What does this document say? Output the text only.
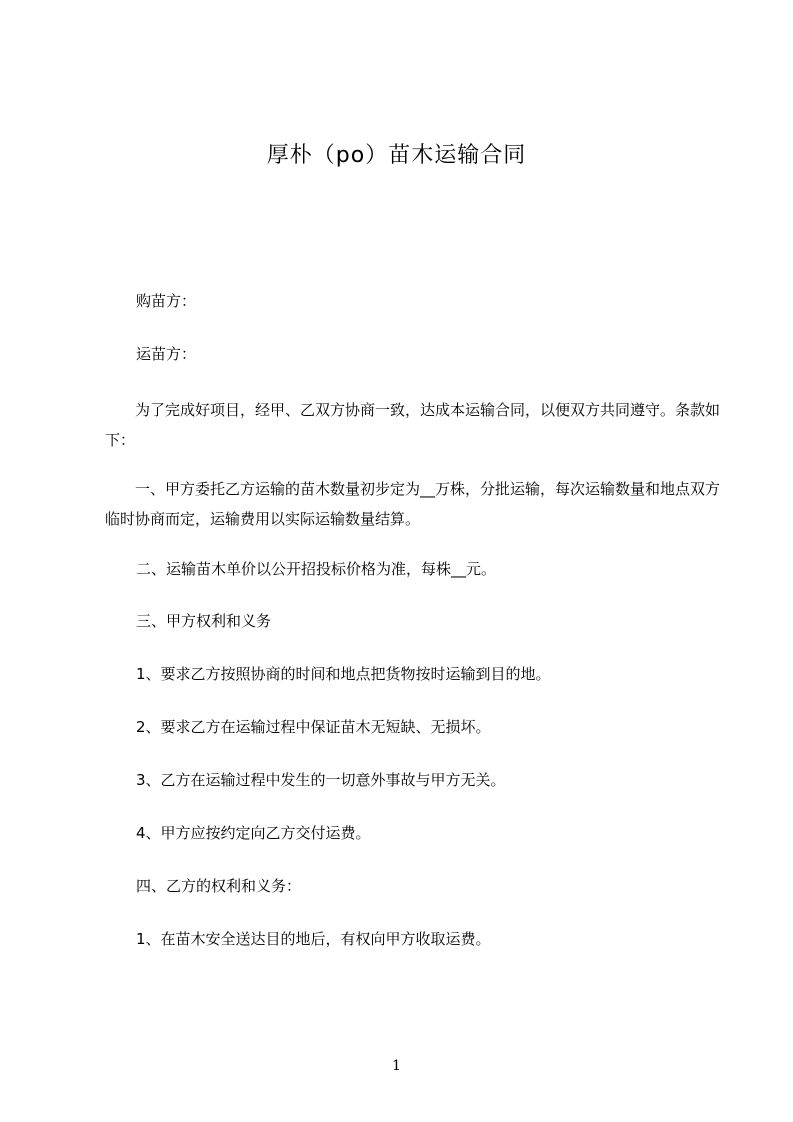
厚朴（po）苗木运输合同
购苗方：
运苗方：
为了完成好项目，经甲、乙双方协商一致，达成本运输合同，以便双方共同遵守。条款如下：
一、甲方委托乙方运输的苗木数量初步定为__万株，分批运输，每次运输数量和地点双方临时协商而定，运输费用以实际运输数量结算。
二、运输苗木单价以公开招投标价格为准，每株__元。
三、甲方权利和义务
1、要求乙方按照协商的时间和地点把货物按时运输到目的地。
2、要求乙方在运输过程中保证苗木无短缺、无损坏。
3、乙方在运输过程中发生的一切意外事故与甲方无关。
4、甲方应按约定向乙方交付运费。
四、乙方的权利和义务：
1、在苗木安全送达目的地后，有权向甲方收取运费。
1
